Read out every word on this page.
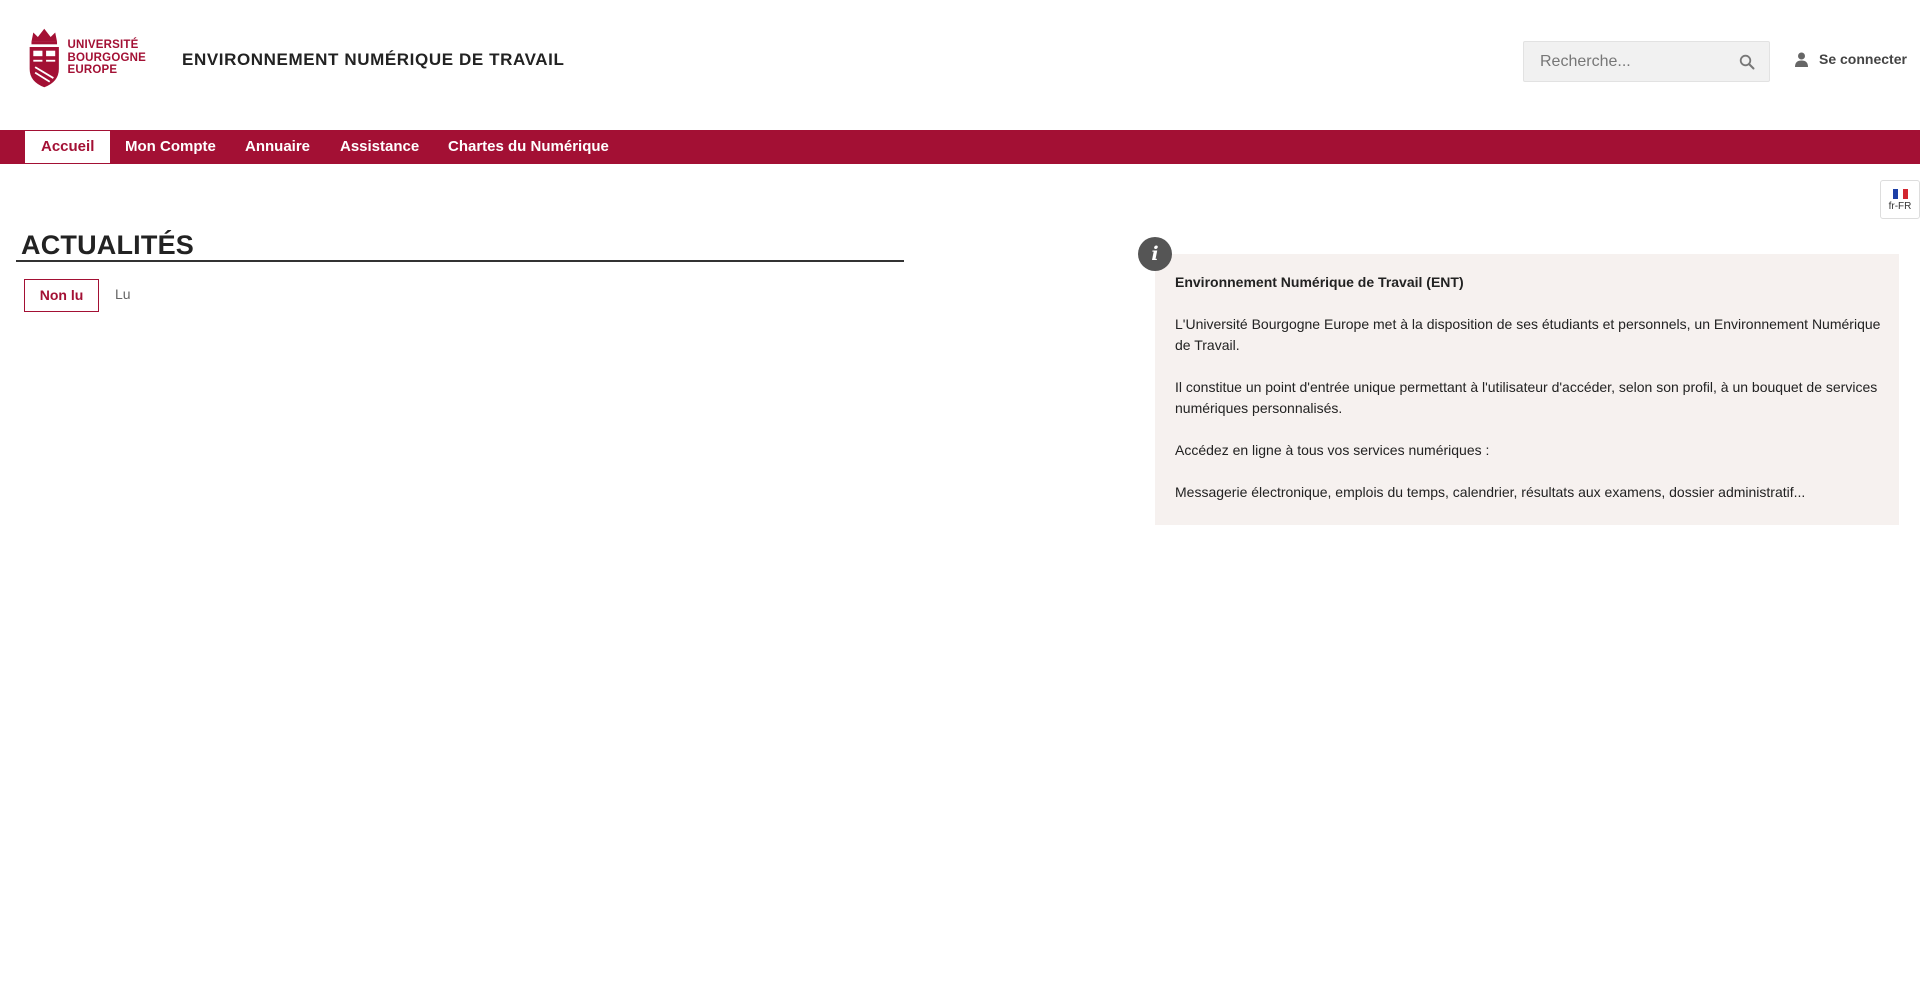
UNIVERSITÉ
BOURGOGNE
EUROPE
ENVIRONNEMENT NUMÉRIQUE DE TRAVAIL
Recherche...	Se connecter
Accueil	Mon Compte	Annuaire	Assistance	Chartes du Numérique
fr-FR
ACTUALITÉS
Non lu	Lu
i

Environnement Numérique de Travail (ENT)

L'Université Bourgogne Europe met à la disposition de ses étudiants et personnels, un Environnement Numérique de Travail.

Il constitue un point d'entrée unique permettant à l'utilisateur d'accéder, selon son profil, à un bouquet de services numériques personnalisés.

Accédez en ligne à tous vos services numériques :

Messagerie électronique, emplois du temps, calendrier, résultats aux examens, dossier administratif...
